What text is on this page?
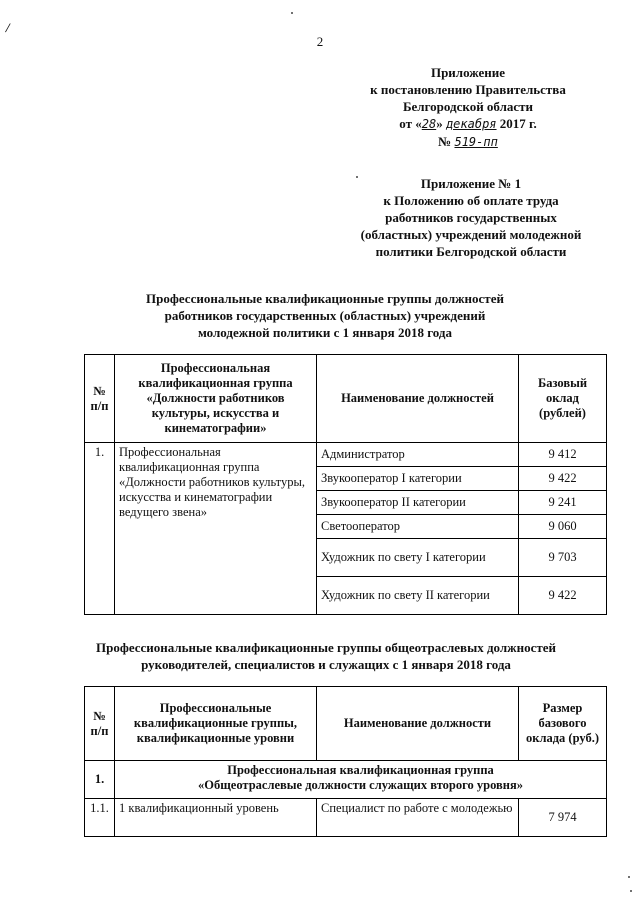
/
2
Приложение
к постановлению Правительства
Белгородской области
от «28» декабря 2017 г.
№ 519-пп
Приложение № 1
к Положению об оплате труда
работников государственных
(областных) учреждений молодежной
политики Белгородской области
Профессиональные квалификационные группы должностей
работников государственных (областных) учреждений
молодежной политики с 1 января 2018 года
№ п/п	Профессиональная квалификационная группа «Должности работников культуры, искусства и кинематографии»	Наименование должностей	Базовый оклад (рублей)
1.	Профессиональная квалификационная группа «Должности работников культуры, искусства и кинематографии ведущего звена»	Администратор	9 412
		Звукооператор I категории	9 422
		Звукооператор II категории	9 241
		Светооператор	9 060
		Художник по свету I категории	9 703
		Художник по свету II категории	9 422
Профессиональные квалификационные группы общеотраслевых должностей
руководителей, специалистов и служащих с 1 января 2018 года
№ п/п	Профессиональные квалификационные группы, квалификационные уровни	Наименование должности	Размер базового оклада (руб.)
1.	Профессиональная квалификационная группа
«Общеотраслевые должности служащих второго уровня»		

1.1.	1 квалификационный уровень	Специалист по работе с молодежью	7 974
